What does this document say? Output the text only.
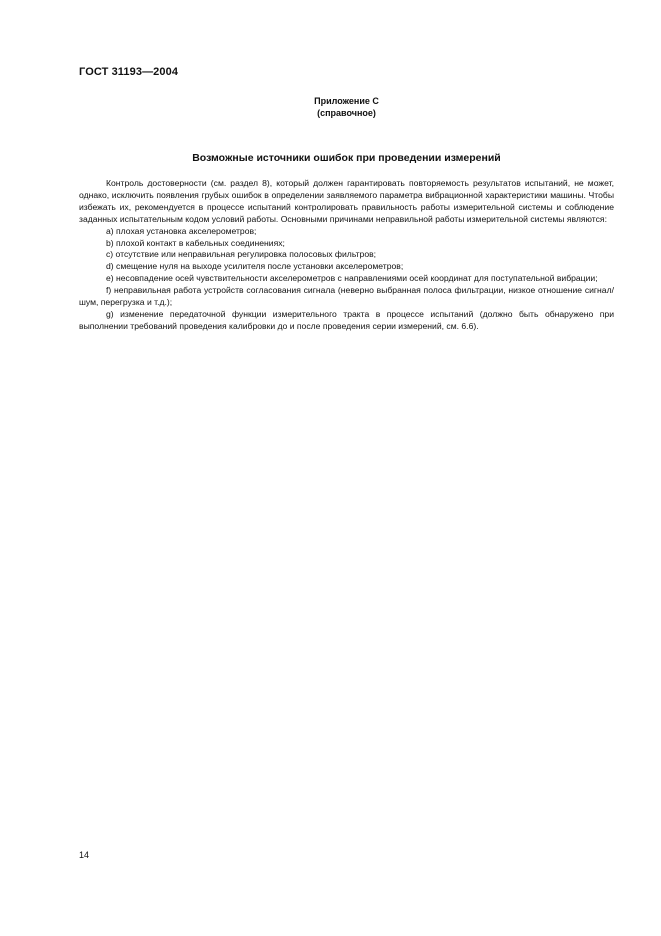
ГОСТ 31193—2004
Приложение С
(справочное)
Возможные источники ошибок при проведении измерений

Контроль достоверности (см. раздел 8), который должен гарантировать повторяемость результатов испытаний, не может, однако, исключить появления грубых ошибок в определении заявляемого параметра вибрационной характеристики машины. Чтобы избежать их, рекомендуется в процессе испытаний контролировать правильность работы измерительной системы и соблюдение заданных испытательным кодом условий работы. Основными причинами неправильной работы измерительной системы являются:

a) плохая установка акселерометров;

b) плохой контакт в кабельных соединениях;

c) отсутствие или неправильная регулировка полосовых фильтров;

d) смещение нуля на выходе усилителя после установки акселерометров;

e) несовпадение осей чувствительности акселерометров с направлениями осей координат для поступательной вибрации;

f) неправильная работа устройств согласования сигнала (неверно выбранная полоса фильтрации, низкое отношение сигнал/шум, перегрузка и т.д.);

g) изменение передаточной функции измерительного тракта в процессе испытаний (должно быть обнаружено при выполнении требований проведения калибровки до и после проведения серии измерений, см. 6.6).

14
